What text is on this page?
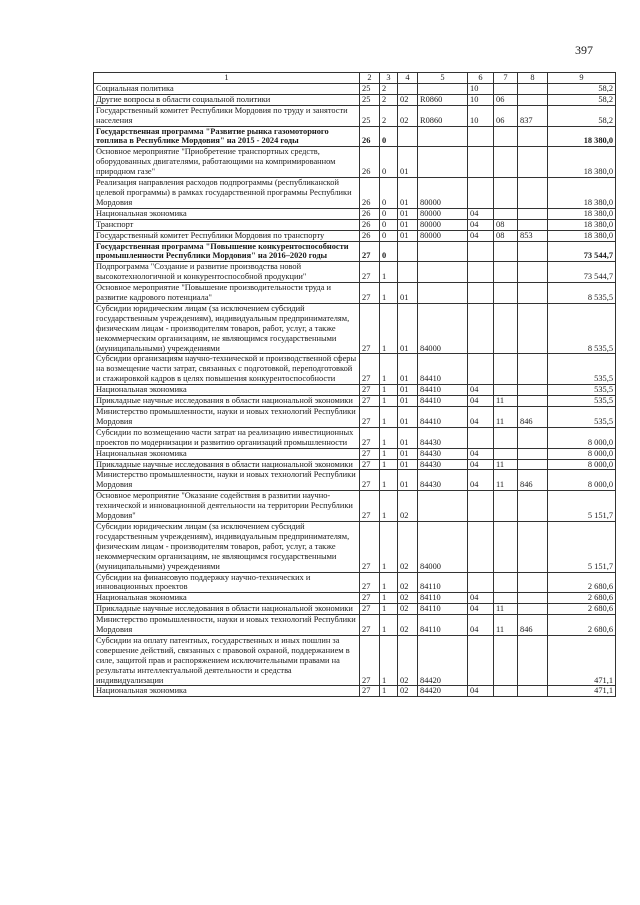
397
1	2	3	4	5	6	7	8	9
Социальная политика	25	2			10			58,2
Другие вопросы в области социальной политики	25	2	02	R0860	10	06		58,2
Государственный комитет Республики Мордовия по труду и занятости населения	25	2	02	R0860	10	06	837	58,2
Государственная программа "Развитие рынка газомоторного топлива в Республике Мордовия" на 2015 - 2024 годы	26	0						18 380,0
Основное мероприятие "Приобретение транспортных средств, оборудованных двигателями, работающими на компримированном природном газе"	26	0	01					18 380,0
Реализация направления расходов подпрограммы (республиканской целевой программы) в рамках государственной программы Республики Мордовия	26	0	01	80000				18 380,0
Национальная экономика	26	0	01	80000	04			18 380,0
Транспорт	26	0	01	80000	04	08		18 380,0
Государственный комитет Республики Мордовия по транспорту	26	0	01	80000	04	08	853	18 380,0
Государственная программа "Повышение конкурентоспособности промышленности Республики Мордовия" на 2016–2020 годы	27	0						73 544,7
Подпрограмма "Создание и развитие производства новой высокотехнологичной и конкурентоспособной продукции"	27	1						73 544,7
Основное мероприятие "Повышение производительности труда и развитие кадрового потенциала"	27	1	01					8 535,5
Субсидии юридическим лицам (за исключением субсидий государственным учреждениям), индивидуальным предпринимателям, физическим лицам - производителям товаров, работ, услуг, а также некоммерческим организациям, не являющимся государственными (муниципальными) учреждениями	27	1	01	84000				8 535,5
Субсидии организациям научно-технической и производственной сферы на возмещение части затрат, связанных с подготовкой, переподготовкой и стажировкой кадров в целях повышения конкурентоспособности	27	1	01	84410				535,5
Национальная экономика	27	1	01	84410	04			535,5
Прикладные научные исследования в области национальной экономики	27	1	01	84410	04	11		535,5
Министерство промышленности, науки и новых технологий Республики Мордовия	27	1	01	84410	04	11	846	535,5
Субсидии по возмещению части затрат на реализацию инвестиционных проектов по модернизации и развитию организаций промышленности	27	1	01	84430				8 000,0
Национальная экономика	27	1	01	84430	04			8 000,0
Прикладные научные исследования в области национальной экономики	27	1	01	84430	04	11		8 000,0
Министерство промышленности, науки и новых технологий Республики Мордовия	27	1	01	84430	04	11	846	8 000,0
Основное мероприятие "Оказание содействия в развитии научно-технической и инновационной деятельности на территории Республики Мордовия"	27	1	02					5 151,7
Субсидии юридическим лицам (за исключением субсидий государственным учреждениям), индивидуальным предпринимателям, физическим лицам - производителям товаров, работ, услуг, а также некоммерческим организациям, не являющимся государственными (муниципальными) учреждениями	27	1	02	84000				5 151,7
Субсидии на финансовую поддержку научно-технических и инновационных проектов	27	1	02	84110				2 680,6
Национальная экономика	27	1	02	84110	04			2 680,6
Прикладные научные исследования в области национальной экономики	27	1	02	84110	04	11		2 680,6
Министерство промышленности, науки и новых технологий Республики Мордовия	27	1	02	84110	04	11	846	2 680,6
Субсидии на оплату патентных, государственных и иных пошлин за совершение действий, связанных с правовой охраной, поддержанием в силе, защитой прав и распоряжением исключительными правами на результаты интеллектуальной деятельности и средства индивидуализации	27	1	02	84420				471,1
Национальная экономика	27	1	02	84420	04			471,1
